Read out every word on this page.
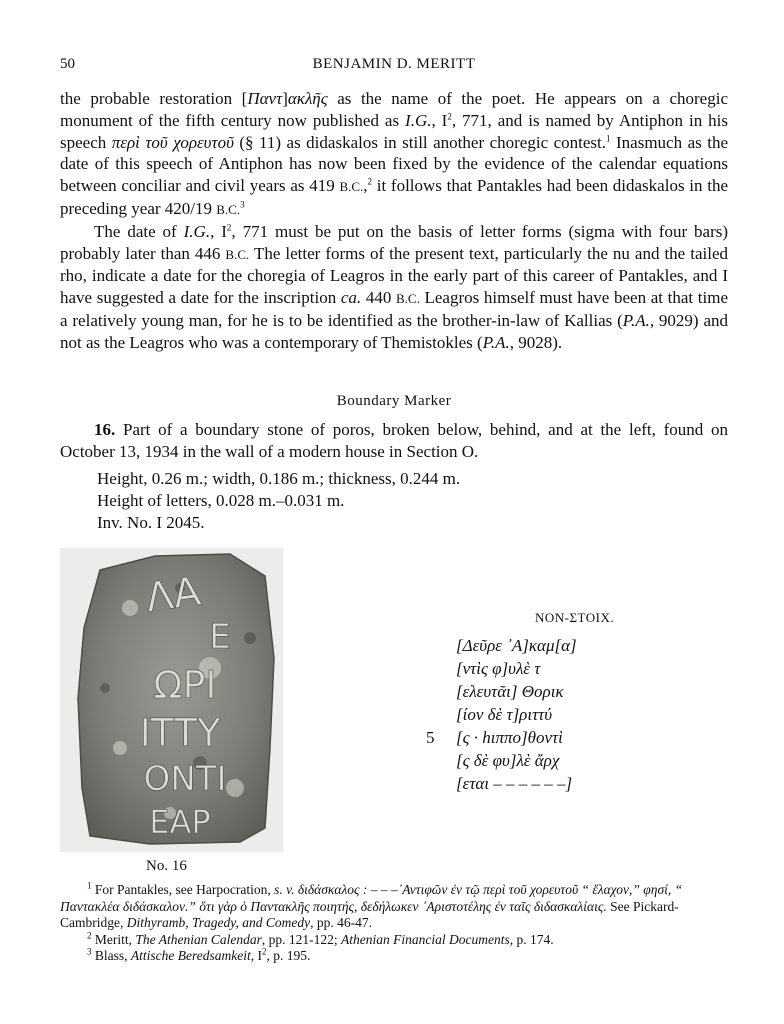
50	BENJAMIN D. MERITT

the probable restoration [Παντ]ακλῆς as the name of the poet. He appears on a choregic monument of the fifth century now published as I.G., $I^2$, 771, and is named by Antiphon in his speech περὶ τοῦ χορευτοῦ (§ 11) as didaskalos in still another choregic contest.$^1$ Inasmuch as the date of this speech of Antiphon has now been fixed by the evidence of the calendar equations between conciliar and civil years as 419 B.C.,$^2$ it follows that Pantakles had been didaskalos in the preceding year 420/19 B.C.$^3$

The date of I.G., $I^2$, 771 must be put on the basis of letter forms (sigma with four bars) probably later than 446 B.C. The letter forms of the present text, particularly the nu and the tailed rho, indicate a date for the choregia of Leagros in the early part of this career of Pantakles, and I have suggested a date for the inscription ca. 440 B.C. Leagros himself must have been at that time a relatively young man, for he is to be identified as the brother-in-law of Kallias (P.A., 9029) and not as the Leagros who was a contemporary of Themistokles (P.A., 9028).

Boundary Marker

16. Part of a boundary stone of poros, broken below, behind, and at the left, found on October 13, 1934 in the wall of a modern house in Section O.

Height, 0.26 m.; width, 0.186 m.; thickness, 0.244 m.
Height of letters, 0.028 m.–0.031 m.
Inv. No. I 2045.
ΛΑ
Ε
ΩΡΙ
ΙΤΤΥ
ΟΝΤΙ
ΕΑΡ
No. 16
NON-ΣΤΟΙΧ.
[Δεῦρε ᾽Α]καμ[α]
[ντὶς φ]υλὲ τ
[ελευτᾶι] Θορικ
[ίον δὲ τ]ριττύ
5 [ς · hιππο]θοντὶ
[ς δὲ φυ]λὲ ἄρχ
[εται – – – – – –]

$^1$ For Pantakles, see Harpocration, s. v. διδάσκαλος : – – –᾽Αντιφῶν ἐν τῷ περὶ τοῦ χορευτοῦ “ ἔλαχον,” φησί, “ Παντακλέα διδάσκαλον.” ὅτι γὰρ ὁ Παντακλῆς ποιητής, δεδήλωκεν ᾽Αριστοτέλης ἐν ταῖς διδασκαλίαις. See Pickard-Cambridge, Dithyramb, Tragedy, and Comedy, pp. 46-47.

$^2$ Meritt, The Athenian Calendar, pp. 121-122; Athenian Financial Documents, p. 174.

$^3$ Blass, Attische Beredsamkeit, $I^2$, p. 195.
